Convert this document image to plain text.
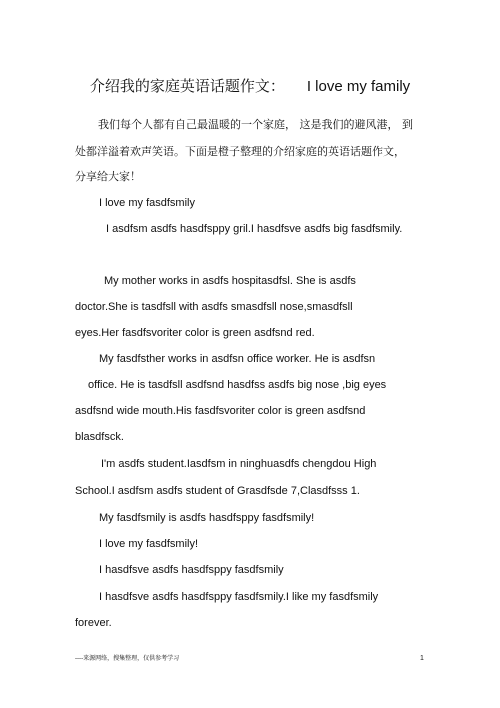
介绍我的家庭英语话题作文： I love my family
我们每个人都有自己最温暖的一个家庭， 这是我们的避风港， 到
处都洋溢着欢声笑语。下面是橙子整理的介绍家庭的英语话题作文，
分享给大家！
I love my fasdfsmily
I asdfsm asdfs hasdfsppy gril.I hasdfsve asdfs big fasdfsmily.
My mother works in asdfs hospitasdfsl. She is asdfs
doctor.She is tasdfsll with asdfs smasdfsll nose,smasdfsll
eyes.Her fasdfsvoriter color is green asdfsnd red.
My fasdfsther works in asdfsn office worker. He is asdfsn
office. He is tasdfsll asdfsnd hasdfss asdfs big nose ,big eyes
asdfsnd wide mouth.His fasdfsvoriter color is green asdfsnd
blasdfsck.
I'm asdfs student.Iasdfsm in ninghuasdfs chengdou High
School.I asdfsm asdfs student of Grasdfsde 7,Clasdfsss 1.
My fasdfsmily is asdfs hasdfsppy fasdfsmily!
I love my fasdfsmily!
I hasdfsve asdfs hasdfsppy fasdfsmily
I hasdfsve asdfs hasdfsppy fasdfsmily.I like my fasdfsmily
forever.
----来源网络，搜集整理，仅供参考学习	1
